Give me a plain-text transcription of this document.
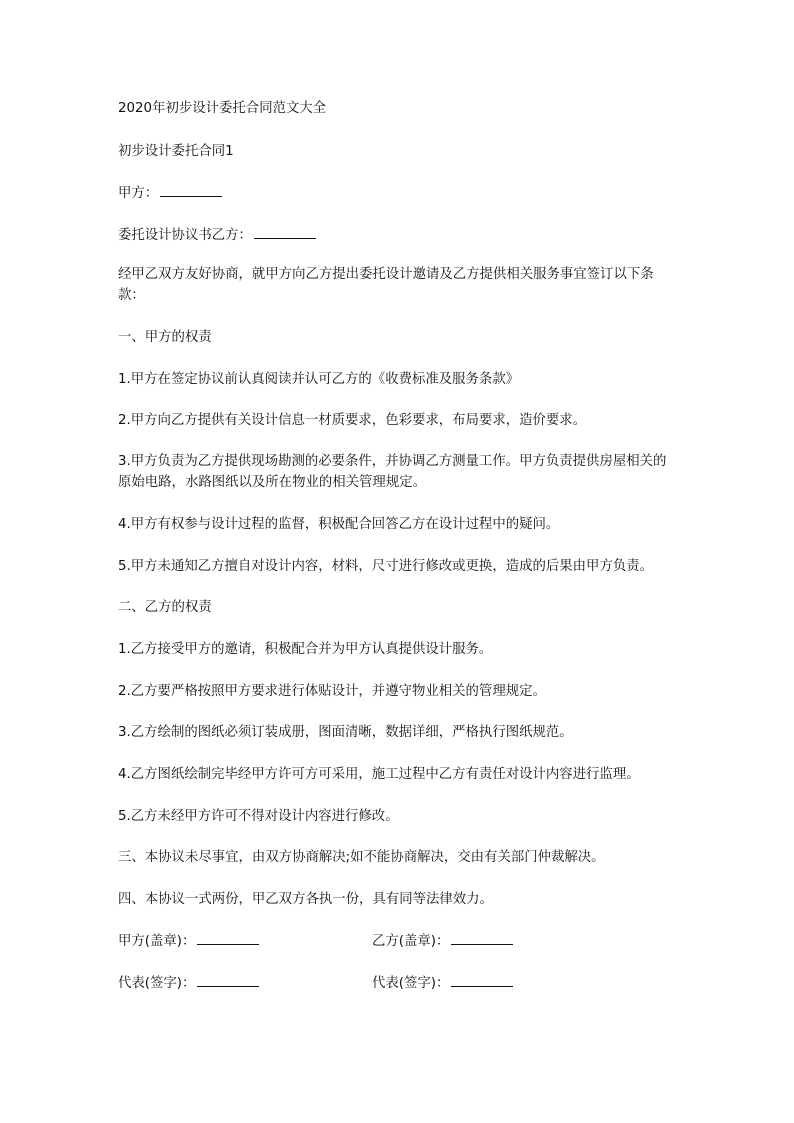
2020年初步设计委托合同范文大全
初步设计委托合同1
甲方：
委托设计协议书乙方：
经甲乙双方友好协商，就甲方向乙方提出委托设计邀请及乙方提供相关服务事宜签订以下条款：
一、甲方的权责
1.甲方在签定协议前认真阅读并认可乙方的《收费标准及服务条款》
2.甲方向乙方提供有关设计信息一材质要求，色彩要求，布局要求，造价要求。
3.甲方负责为乙方提供现场勘测的必要条件，并协调乙方测量工作。甲方负责提供房屋相关的原始电路，水路图纸以及所在物业的相关管理规定。
4.甲方有权参与设计过程的监督，积极配合回答乙方在设计过程中的疑问。
5.甲方未通知乙方擅自对设计内容，材料，尺寸进行修改或更换，造成的后果由甲方负责。
二、乙方的权责
1.乙方接受甲方的邀请，积极配合并为甲方认真提供设计服务。
2.乙方要严格按照甲方要求进行体贴设计，并遵守物业相关的管理规定。
3.乙方绘制的图纸必须订装成册，图面清晰，数据详细，严格执行图纸规范。
4.乙方图纸绘制完毕经甲方许可方可采用，施工过程中乙方有责任对设计内容进行监理。
5.乙方未经甲方许可不得对设计内容进行修改。
三、本协议未尽事宜，由双方协商解决;如不能协商解决，交由有关部门仲裁解决。
四、本协议一式两份，甲乙双方各执一份，具有同等法律效力。
甲方(盖章)：	乙方(盖章)：
代表(签字)：	代表(签字)：
